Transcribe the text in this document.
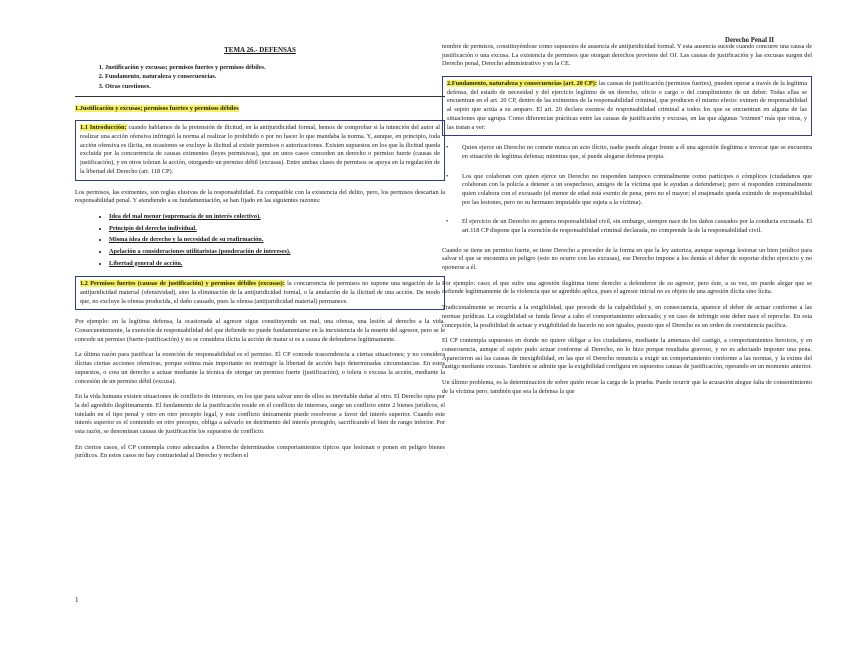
Derecho Penal II
TEMA 26.- DEFENSAS
1. Justificación y excusas; permisos fuertes y permisos débiles.
2. Fundamento, naturaleza y consecuencias.
3. Otras cuestiones.

1.Justificación y excusas; permisos fuertes y permisos débiles

1.1 Introducción: cuando hablamos de la pretensión de ilicitud, en la antijuridicidad formal, hemos de comprobar si la intención del autor al realizar una acción ofensiva infringió la norma al realizar lo prohibido o por no hacer lo que mandaba la norma. Y, aunque, en principio, toda acción ofensiva es ilícita, en ocasiones se excluye la ilicitud al existir permisos o autorizaciones. Existen supuestos en los que la ilicitud queda excluida por la concurrencia de causas eximentes (leyes permisivas), que en unos casos conceden un derecho o permiso fuerte (causas de justificación), y en otros toleran la acción, otorgando un permiso débil (excusas). Entre ambas clases de permisos se apoya en la regulación de la libertad del Derecho (art. 118 CP).

Los permisos, las eximentes, son reglas elusivas de la responsabilidad. Es compatible con la existencia del delito, pero, los permisos descartan la responsabilidad penal. Y atendiendo a su fundamentación, se han fijado en las siguientes razones:

• Idea del mal menor (supremacía de un interés colectivo).
• Principio del derecho individual.
• Misma idea de derecho y la necesidad de su reafirmación.
• Apelación a consideraciones utilitaristas (ponderación de intereses).
• Libertad general de acción.
1.2 Permisos fuertes (causas de justificación) y permisos débiles (excusas): la concurrencia de permisos no supone una negación de la antijuridicidad material (ofensividad), sino la eliminación de la antijuridicidad formal, o la anulación de la ilicitud de una acción. De modo que, no excluye la ofensa producida, el daño causado, pues la ofensa (antijuridicidad material) permanece.

Por ejemplo: en la legítima defensa, la ocasionada al agresor sigue constituyendo un mal, una ofensa, una lesión al derecho a la vida. Consecuentemente, la exención de responsabilidad del que defiende no puede fundamentarse en la inexistencia de la muerte del agresor, pero se le concede un permiso (fuerte-justificación) y no se considera ilícita la acción de matar si es a causa de defenderse legítimamente.

La última razón para justificar la exención de responsabilidad es el permiso. El CP concede trascendencia a ciertas situaciones; y no considera ilícitas ciertas acciones ofensivas, porque estima más importante no restringir la libertad de acción bajo determinadas circunstancias. En estos supuestos, o crea un derecho a actuar mediante la técnica de otorgar un permiso fuerte (justificación), o tolera o excusa la acción, mediante la concesión de un permiso débil (excusa).

En la vida humana existen situaciones de conflicto de intereses, en los que para salvar uno de ellos es inevitable dañar al otro. El Derecho opta por la del agredido ilegítimamente. El fundamento de la justificación reside en el conflicto de intereses, surge un conflicto entre 2 bienes jurídicos, el tutelado en el tipo penal y otro en otro precepto legal, y este conflicto únicamente puede resolverse a favor del interés superior. Cuando este interés superior es el contenido en otro precepto, obliga a salvarlo en detrimento del interés protegido, sacrificando el bien de rango inferior. Por esta razón, se denominan causas de justificación los supuestos de conflicto.

En ciertos casos, el CP contempla como adecuados a Derecho determinados comportamientos típicos que lesionan o ponen en peligro bienes jurídicos. En estos casos no hay contrariedad al Derecho y reciben el

1

nombre de permisos, constituyéndose como supuestos de ausencia de antijuridicidad formal. Y esta ausencia sucede cuando concurre una causa de justificación o una excusa. La existencia de permisos que otorgan derechos proviene del OJ. Las causas de justificación y las excusas surgen del Derecho penal, Derecho administrativo y en la CE.

2.Fundamento, naturaleza y consecuencias (art. 20 CP): las causas de justificación (permisos fuertes), pueden operar a través de la legítima defensa, del estado de necesidad y del ejercicio legítimo de un derecho, oficio o cargo o del cumplimiento de un deber. Todas ellas se encuentran en el art. 20 CP, dentro de las eximentes de la responsabilidad criminal, que producen el mismo efecto: eximen de responsabilidad al sujeto que actúa a su amparo. El art. 20 declara exentos de responsabilidad criminal a todos los que se encuentran en alguna de las situaciones que agrupa. Como diferencias prácticas entre las causas de justificación y excusas, en las que algunas "eximen" más que otras, y las tratan a ver:
• Quien ejerce un Derecho no comete nunca un acto ilícito, nadie puede alegar frente a él una agresión ilegítima e invocar que se encuentra en situación de legítima defensa; mientras que, sí puede alegarse defensa propia.
• Los que colaboran con quien ejerce un Derecho no responden tampoco criminalmente como partícipes o cómplices (ciudadanos que colaboran con la policía a detener a un sospechoso, amigos de la víctima que le ayudan a defenderse); pero sí responden criminalmente quien colabora con el excusado (el menor de edad está exento de pena, pero no el mayor; el enajenado queda eximido de responsabilidad por las lesiones, pero no su hermano imputable que sujeta a la víctima).
• El ejercicio de un Derecho no genera responsabilidad civil, sin embargo, siempre nace de los daños causados por la conducta excusada. El art.118 CP dispone que la exención de responsabilidad criminal declarada, no comprende la de la responsabilidad civil.

Cuando se tiene un permiso fuerte, se tiene Derecho a proceder de la forma en que la ley autoriza, aunque suponga lesionar un bien jurídico para salvar el que se encuentra en peligro (esto no ocurre con las excusas), ese Derecho impone a los demás el deber de soportar dicho ejercicio y no oponerse a él.

Por ejemplo: caso; el que sufre una agresión ilegítima tiene derecho a defenderse de su agresor, pero éste, a su vez, no puede alegar que se defiende legítimamente de la violencia que se agredido aplica, pues el agresor inicial no es objeto de una agresión ilícita sino lícita.

Tradicionalmente se recurría a la exigibilidad, que procede de la culpabilidad y, en consecuencia, aparece el deber de actuar conforme a las normas jurídicas. La exigibilidad se funda llevar a cabo el comportamiento adecuado; y en caso de infringir este deber nace el reproche. En esta concepción, la posibilidad de actuar y exigibilidad de hacerlo no son iguales, puesto que el Derecho es un orden de coexistencia pacífica.

El CP contempla supuestos en donde no quiere obligar a los ciudadanos, mediante la amenaza del castigo, a comportamientos heroicos, y en consecuencia, aunque el sujeto pudo actuar conforme al Derecho, no lo hizo porque resultaba gravoso, y no es adecuado imponer una pena. Aparecieron así las causas de inexigibilidad, en las que el Derecho renuncia a exigir un comportamiento conforme a las normas, y la exime del castigo mediante excusas. También se admite que la exigibilidad configura en supuestos causas de justificación, operando en un momento anterior.

Un último problema, es la determinación de sobre quién recae la carga de la prueba. Puede ocurrir que la acusación alegue falta de consentimiento de la víctima pero, también que sea la defensa la que
